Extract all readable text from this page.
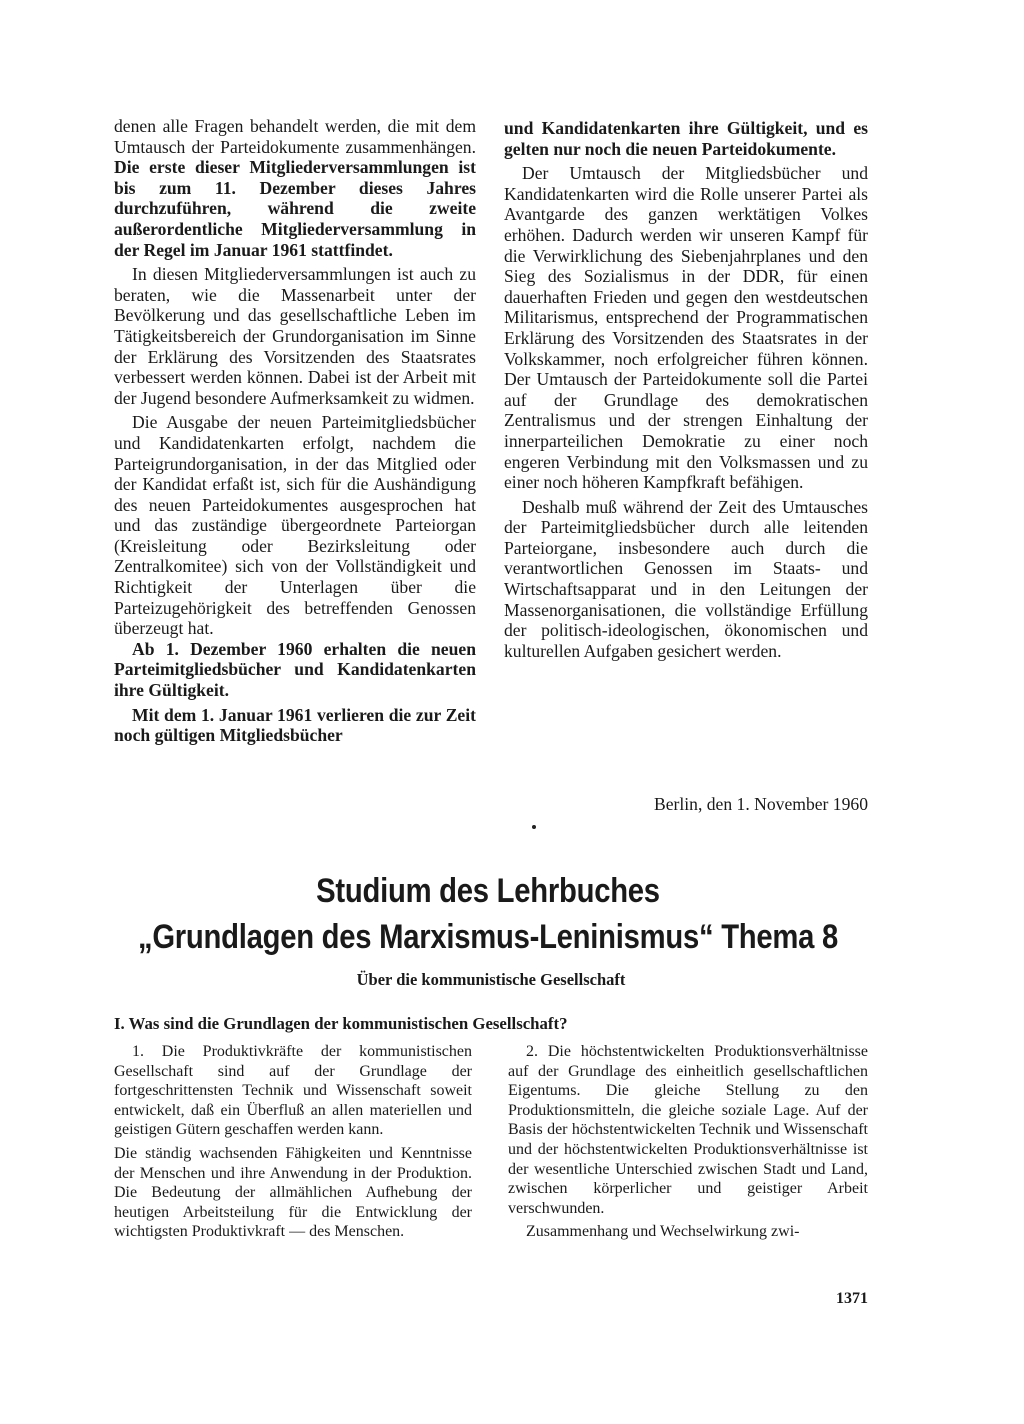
denen alle Fragen behandelt werden, die mit dem Umtausch der Parteidokumente zusammenhängen. Die erste dieser Mitgliederversammlungen ist bis zum 11. Dezember dieses Jahres durchzuführen, während die zweite außerordentliche Mitgliederversammlung in der Regel im Januar 1961 stattfindet.

In diesen Mitgliederversammlungen ist auch zu beraten, wie die Massenarbeit unter der Bevölkerung und das gesellschaftliche Leben im Tätigkeitsbereich der Grundorganisation im Sinne der Erklärung des Vorsitzenden des Staatsrates verbessert werden können. Dabei ist der Arbeit mit der Jugend besondere Aufmerksamkeit zu widmen.

Die Ausgabe der neuen Parteimitgliedsbücher und Kandidatenkarten erfolgt, nachdem die Parteigrundorganisation, in der das Mitglied oder der Kandidat erfaßt ist, sich für die Aushändigung des neuen Parteidokumentes ausgesprochen hat und das zuständige übergeordnete Parteiorgan (Kreisleitung oder Bezirksleitung oder Zentralkomitee) sich von der Vollständigkeit und Richtigkeit der Unterlagen über die Parteizugehörigkeit des betreffenden Genossen überzeugt hat.

Ab 1. Dezember 1960 erhalten die neuen Parteimitgliedsbücher und Kandidatenkarten ihre Gültigkeit.

Mit dem 1. Januar 1961 verlieren die zur Zeit noch gültigen Mitgliedsbücher

und Kandidatenkarten ihre Gültigkeit, und es gelten nur noch die neuen Parteidokumente.

Der Umtausch der Mitgliedsbücher und Kandidatenkarten wird die Rolle unserer Partei als Avantgarde des ganzen werktätigen Volkes erhöhen. Dadurch werden wir unseren Kampf für die Verwirklichung des Siebenjahrplanes und den Sieg des Sozialismus in der DDR, für einen dauerhaften Frieden und gegen den westdeutschen Militarismus, entsprechend der Programmatischen Erklärung des Vorsitzenden des Staatsrates in der Volkskammer, noch erfolgreicher führen können. Der Umtausch der Parteidokumente soll die Partei auf der Grundlage des demokratischen Zentralismus und der strengen Einhaltung der innerparteilichen Demokratie zu einer noch engeren Verbindung mit den Volksmassen und zu einer noch höheren Kampfkraft befähigen.

Deshalb muß während der Zeit des Umtausches der Parteimitgliedsbücher durch alle leitenden Parteiorgane, insbesondere auch durch die verantwortlichen Genossen im Staats- und Wirtschaftsapparat und in den Leitungen der Massenorganisationen, die vollständige Erfüllung der politisch-ideologischen, ökonomischen und kulturellen Aufgaben gesichert werden.

Berlin, den 1. November 1960
Studium des Lehrbuches
„Grundlagen des Marxismus-Leninismus“ Thema 8
Über die kommunistische Gesellschaft
I. Was sind die Grundlagen der kommunistischen Gesellschaft?

1. Die Produktivkräfte der kommunistischen Gesellschaft sind auf der Grundlage der fortgeschrittensten Technik und Wissenschaft soweit entwickelt, daß ein Überfluß an allen materiellen und geistigen Gütern geschaffen werden kann.

Die ständig wachsenden Fähigkeiten und Kenntnisse der Menschen und ihre Anwendung in der Produktion. Die Bedeutung der allmählichen Aufhebung der heutigen Arbeitsteilung für die Entwicklung der wichtigsten Produktivkraft — des Menschen.

2. Die höchstentwickelten Produktionsverhältnisse auf der Grundlage des einheitlich gesellschaftlichen Eigentums. Die gleiche Stellung zu den Produktionsmitteln, die gleiche soziale Lage. Auf der Basis der höchstentwickelten Technik und Wissenschaft und der höchstentwickelten Produktionsverhältnisse ist der wesentliche Unterschied zwischen Stadt und Land, zwischen körperlicher und geistiger Arbeit verschwunden.

Zusammenhang und Wechselwirkung zwi-

1371
